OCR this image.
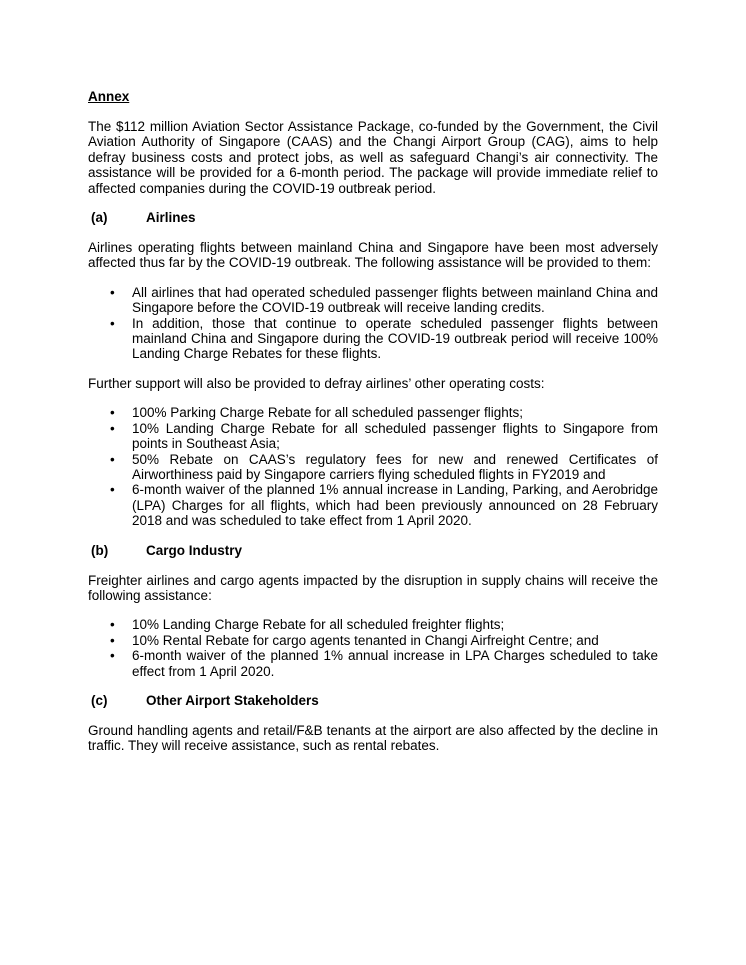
Annex

The $112 million Aviation Sector Assistance Package, co-funded by the Government, the Civil Aviation Authority of Singapore (CAAS) and the Changi Airport Group (CAG), aims to help defray business costs and protect jobs, as well as safeguard Changi’s air connectivity. The assistance will be provided for a 6-month period. The package will provide immediate relief to affected companies during the COVID-19 outbreak period.

(a)	Airlines

Airlines operating flights between mainland China and Singapore have been most adversely affected thus far by the COVID-19 outbreak. The following assistance will be provided to them:

• All airlines that had operated scheduled passenger flights between mainland China and Singapore before the COVID-19 outbreak will receive landing credits.
• In addition, those that continue to operate scheduled passenger flights between mainland China and Singapore during the COVID-19 outbreak period will receive 100% Landing Charge Rebates for these flights.

Further support will also be provided to defray airlines’ other operating costs:

• 100% Parking Charge Rebate for all scheduled passenger flights;
• 10% Landing Charge Rebate for all scheduled passenger flights to Singapore from points in Southeast Asia;
• 50% Rebate on CAAS’s regulatory fees for new and renewed Certificates of Airworthiness paid by Singapore carriers flying scheduled flights in FY2019 and
• 6-month waiver of the planned 1% annual increase in Landing, Parking, and Aerobridge (LPA) Charges for all flights, which had been previously announced on 28 February 2018 and was scheduled to take effect from 1 April 2020.
(b)	Cargo Industry

Freighter airlines and cargo agents impacted by the disruption in supply chains will receive the following assistance:

• 10% Landing Charge Rebate for all scheduled freighter flights;
• 10% Rental Rebate for cargo agents tenanted in Changi Airfreight Centre; and
• 6-month waiver of the planned 1% annual increase in LPA Charges scheduled to take effect from 1 April 2020.
(c)	Other Airport Stakeholders

Ground handling agents and retail/F&B tenants at the airport are also affected by the decline in traffic. They will receive assistance, such as rental rebates.
